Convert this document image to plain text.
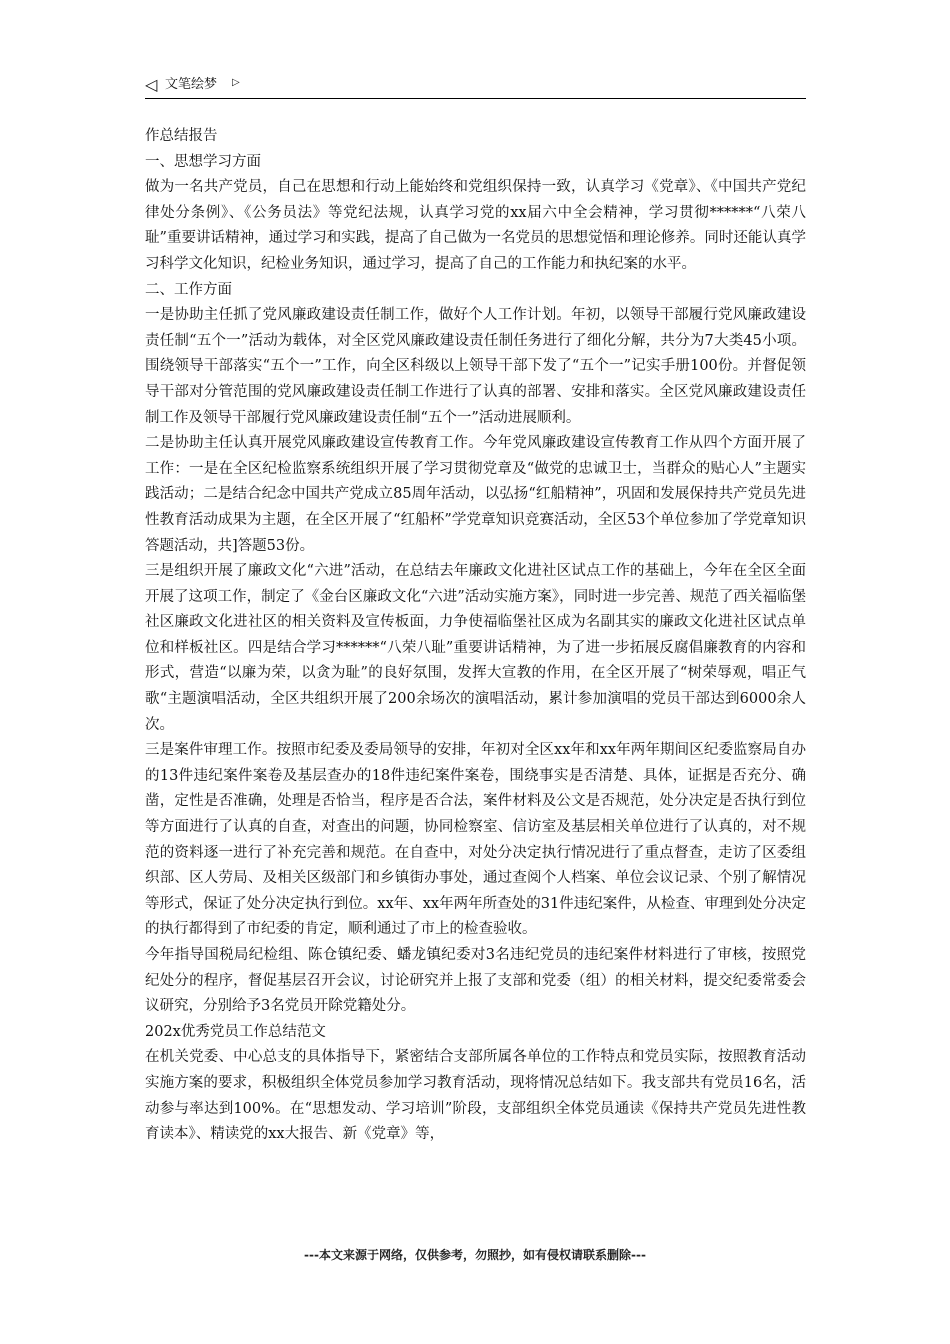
◁ 文笔绘梦 ▷

作总结报告

一、思想学习方面

做为一名共产党员，自己在思想和行动上能始终和党组织保持一致，认真学习《党章》、《中国共产党纪律处分条例》、《公务员法》等党纪法规，认真学习党的xx届六中全会精神，学习贯彻******“八荣八耻”重要讲话精神，通过学习和实践，提高了自己做为一名党员的思想觉悟和理论修养。同时还能认真学习科学文化知识，纪检业务知识，通过学习，提高了自己的工作能力和执纪案的水平。

二、工作方面

一是协助主任抓了党风廉政建设责任制工作，做好个人工作计划。年初，以领导干部履行党风廉政建设责任制“五个一”活动为载体，对全区党风廉政建设责任制任务进行了细化分解，共分为7大类45小项。围绕领导干部落实“五个一”工作，向全区科级以上领导干部下发了“五个一”记实手册100份。并督促领导干部对分管范围的党风廉政建设责任制工作进行了认真的部署、安排和落实。全区党风廉政建设责任制工作及领导干部履行党风廉政建设责任制“五个一”活动进展顺利。

二是协助主任认真开展党风廉政建设宣传教育工作。今年党风廉政建设宣传教育工作从四个方面开展了工作：一是在全区纪检监察系统组织开展了学习贯彻党章及“做党的忠诚卫士，当群众的贴心人”主题实践活动；二是结合纪念中国共产党成立85周年活动，以弘扬“红船精神”，巩固和发展保持共产党员先进性教育活动成果为主题，在全区开展了“红船杯”学党章知识竞赛活动，全区53个单位参加了学党章知识答题活动，共]答题53份。

三是组织开展了廉政文化“六进”活动，在总结去年廉政文化进社区试点工作的基础上，今年在全区全面开展了这项工作，制定了《金台区廉政文化“六进”活动实施方案》，同时进一步完善、规范了西关福临堡社区廉政文化进社区的相关资料及宣传板面，力争使福临堡社区成为名副其实的廉政文化进社区试点单位和样板社区。四是结合学习******“八荣八耻”重要讲话精神，为了进一步拓展反腐倡廉教育的内容和形式，营造“以廉为荣，以贪为耻”的良好氛围，发挥大宣教的作用，在全区开展了“树荣辱观，唱正气歌“主题演唱活动，全区共组织开展了200余场次的演唱活动，累计参加演唱的党员干部达到6000余人次。

三是案件审理工作。按照市纪委及委局领导的安排，年初对全区xx年和xx年两年期间区纪委监察局自办的13件违纪案件案卷及基层查办的18件违纪案件案卷，围绕事实是否清楚、具体，证据是否充分、确凿，定性是否准确，处理是否恰当，程序是否合法，案件材料及公文是否规范，处分决定是否执行到位等方面进行了认真的自查，对查出的问题，协同检察室、信访室及基层相关单位进行了认真的，对不规范的资料逐一进行了补充完善和规范。在自查中，对处分决定执行情况进行了重点督查，走访了区委组织部、区人劳局、及相关区级部门和乡镇街办事处，通过查阅个人档案、单位会议记录、个别了解情况等形式，保证了处分决定执行到位。xx年、xx年两年所查处的31件违纪案件，从检查、审理到处分决定的执行都得到了市纪委的肯定，顺利通过了市上的检查验收。

今年指导国税局纪检组、陈仓镇纪委、蟠龙镇纪委对3名违纪党员的违纪案件材料进行了审核，按照党纪处分的程序，督促基层召开会议，讨论研究并上报了支部和党委（组）的相关材料，提交纪委常委会议研究，分别给予3名党员开除党籍处分。

202x优秀党员工作总结范文

在机关党委、中心总支的具体指导下，紧密结合支部所属各单位的工作特点和党员实际，按照教育活动实施方案的要求，积极组织全体党员参加学习教育活动，现将情况总结如下。我支部共有党员16名，活动参与率达到100%。在“思想发动、学习培训”阶段，支部组织全体党员通读《保持共产党员先进性教育读本》、精读党的xx大报告、新《党章》等，

---本文来源于网络，仅供参考，勿照抄，如有侵权请联系删除---
